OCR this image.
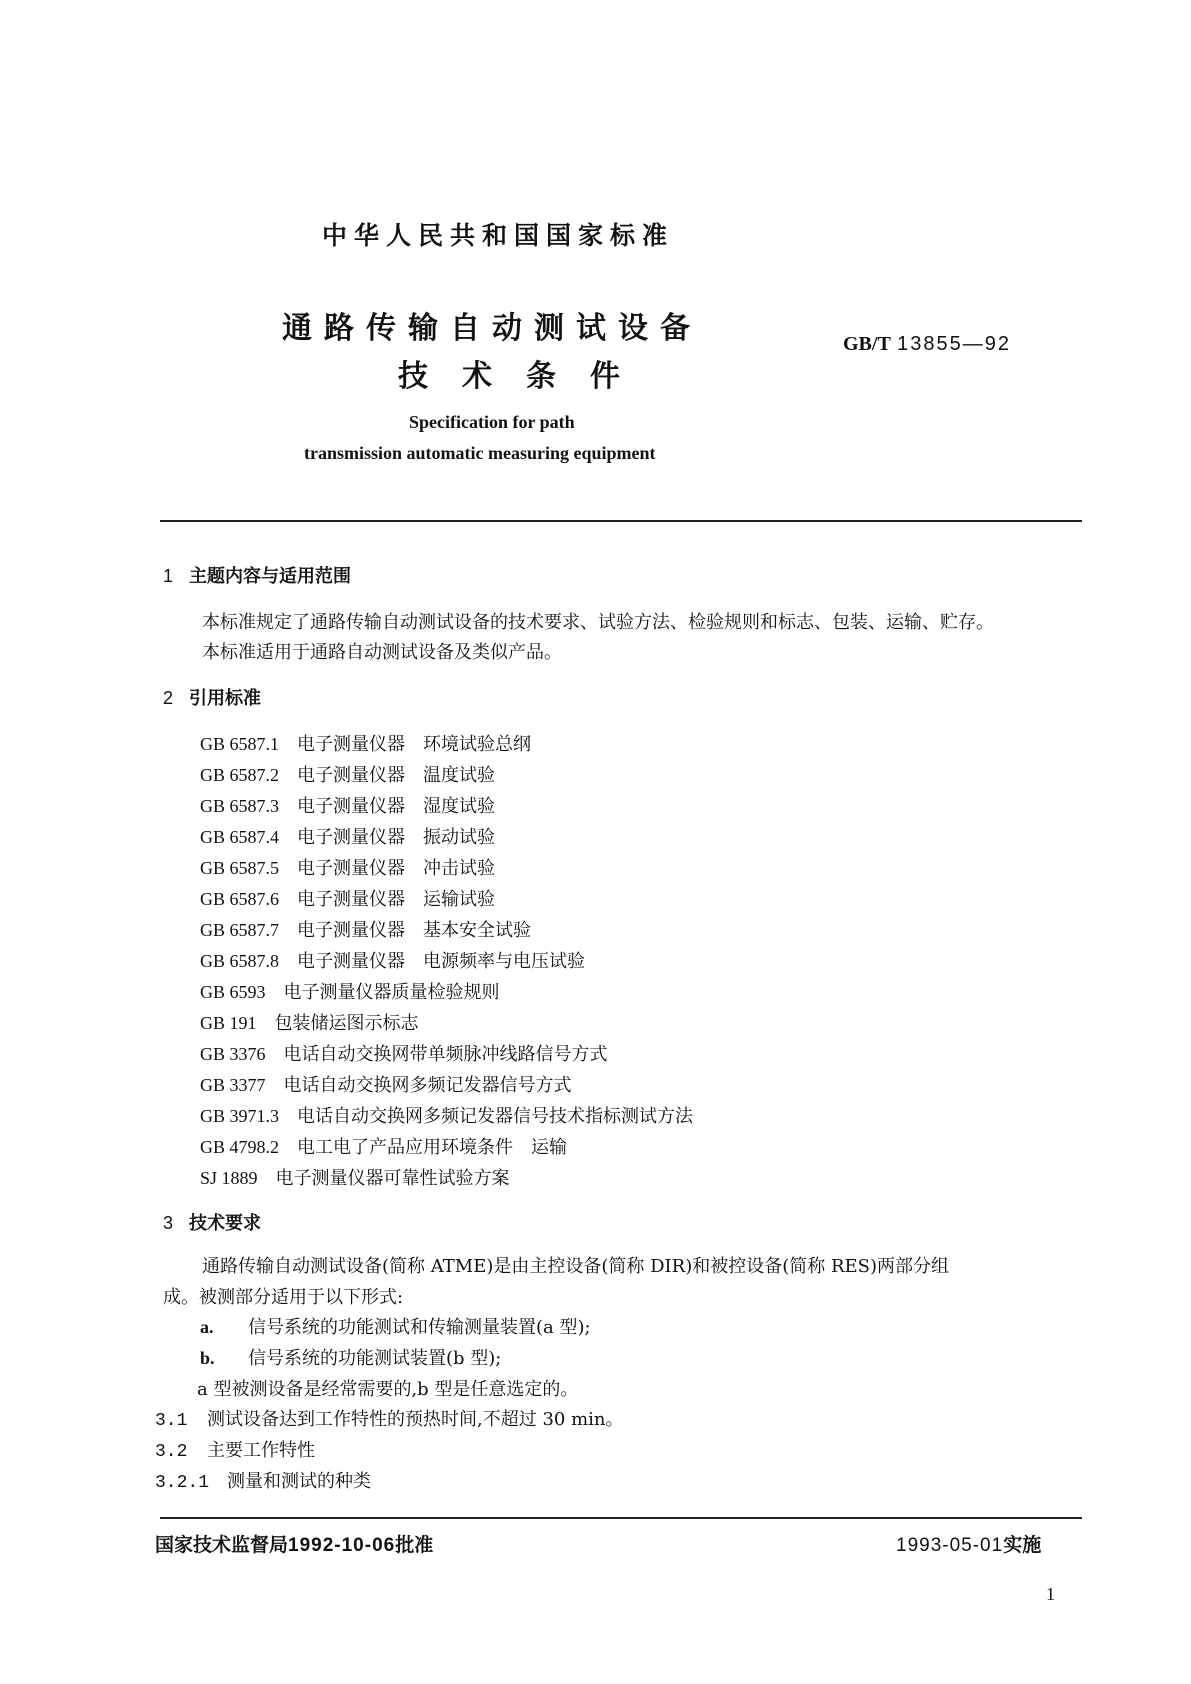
中华人民共和国国家标准
通路传输自动测试设备
技术条件
GB/T 13855—92
Specification for path
transmission automatic measuring equipment
1 主题内容与适用范围
本标准规定了通路传输自动测试设备的技术要求、试验方法、检验规则和标志、包装、运输、贮存。
本标准适用于通路自动测试设备及类似产品。
2 引用标准
GB 6587.1 电子测量仪器　环境试验总纲
GB 6587.2 电子测量仪器　温度试验
GB 6587.3 电子测量仪器　湿度试验
GB 6587.4 电子测量仪器　振动试验
GB 6587.5 电子测量仪器　冲击试验
GB 6587.6 电子测量仪器　运输试验
GB 6587.7 电子测量仪器　基本安全试验
GB 6587.8 电子测量仪器　电源频率与电压试验
GB 6593 电子测量仪器质量检验规则
GB 191 包装储运图示标志
GB 3376 电话自动交换网带单频脉冲线路信号方式
GB 3377 电话自动交换网多频记发器信号方式
GB 3971.3 电话自动交换网多频记发器信号技术指标测试方法
GB 4798.2 电工电了产品应用环境条件　运输
SJ 1889 电子测量仪器可靠性试验方案
3 技术要求
通路传输自动测试设备(简称 ATME)是由主控设备(简称 DIR)和被控设备(简称 RES)两部分组
成。被测部分适用于以下形式:
a. 信号系统的功能测试和传输测量装置(a 型);
b. 信号系统的功能测试装置(b 型);
a 型被测设备是经常需要的,b 型是任意选定的。
3.1 测试设备达到工作特性的预热时间,不超过 30 min。
3.2 主要工作特性
3.2.1 测量和测试的种类
国家技术监督局1992-10-06批准	1993-05-01实施
1
